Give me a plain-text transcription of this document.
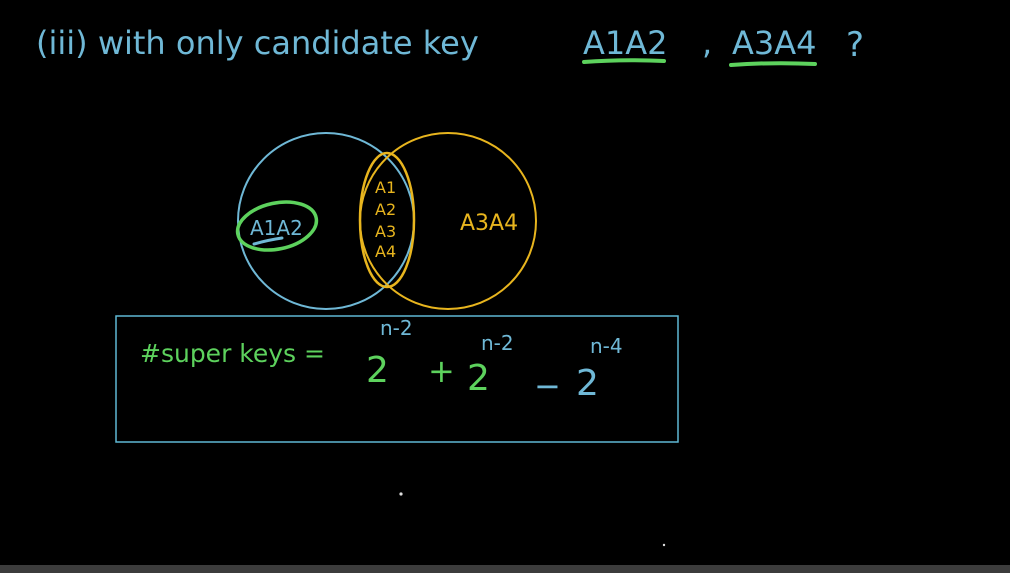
(iii) with only candidate key	A1A2 , A3A4 ?
A1A2
A1
A2
A3
A4
A3A4
#super keys =
n-2
2 +
n-2
2 −
n-4
2
